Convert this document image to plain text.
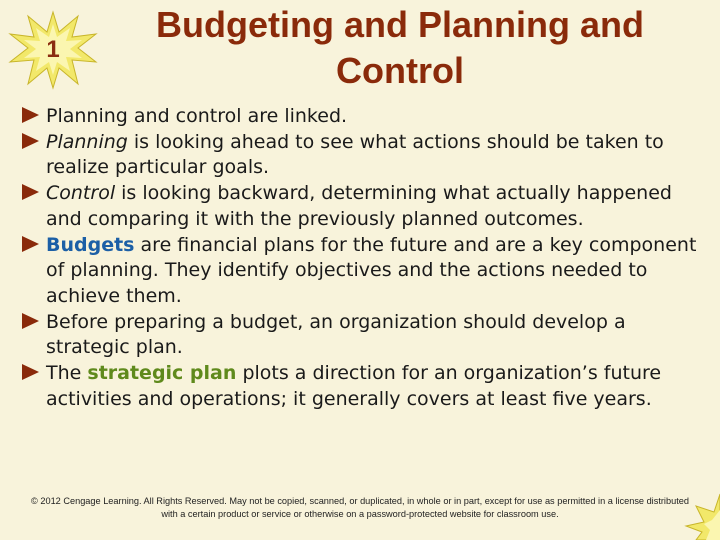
1
Budgeting and Planning and
Control
Planning and control are linked.
Planning is looking ahead to see what actions should be taken to realize particular goals.
Control is looking backward, determining what actually happened and comparing it with the previously planned outcomes.
Budgets are financial plans for the future and are a key component of planning. They identify objectives and the actions needed to achieve them.
Before preparing a budget, an organization should develop a strategic plan.
The strategic plan plots a direction for an organization’s future activities and operations; it generally covers at least five years.
© 2012 Cengage Learning. All Rights Reserved. May not be copied, scanned, or duplicated, in whole or in part, except for use as permitted in a license distributed with a certain product or service or otherwise on a password-protected website for classroom use.
